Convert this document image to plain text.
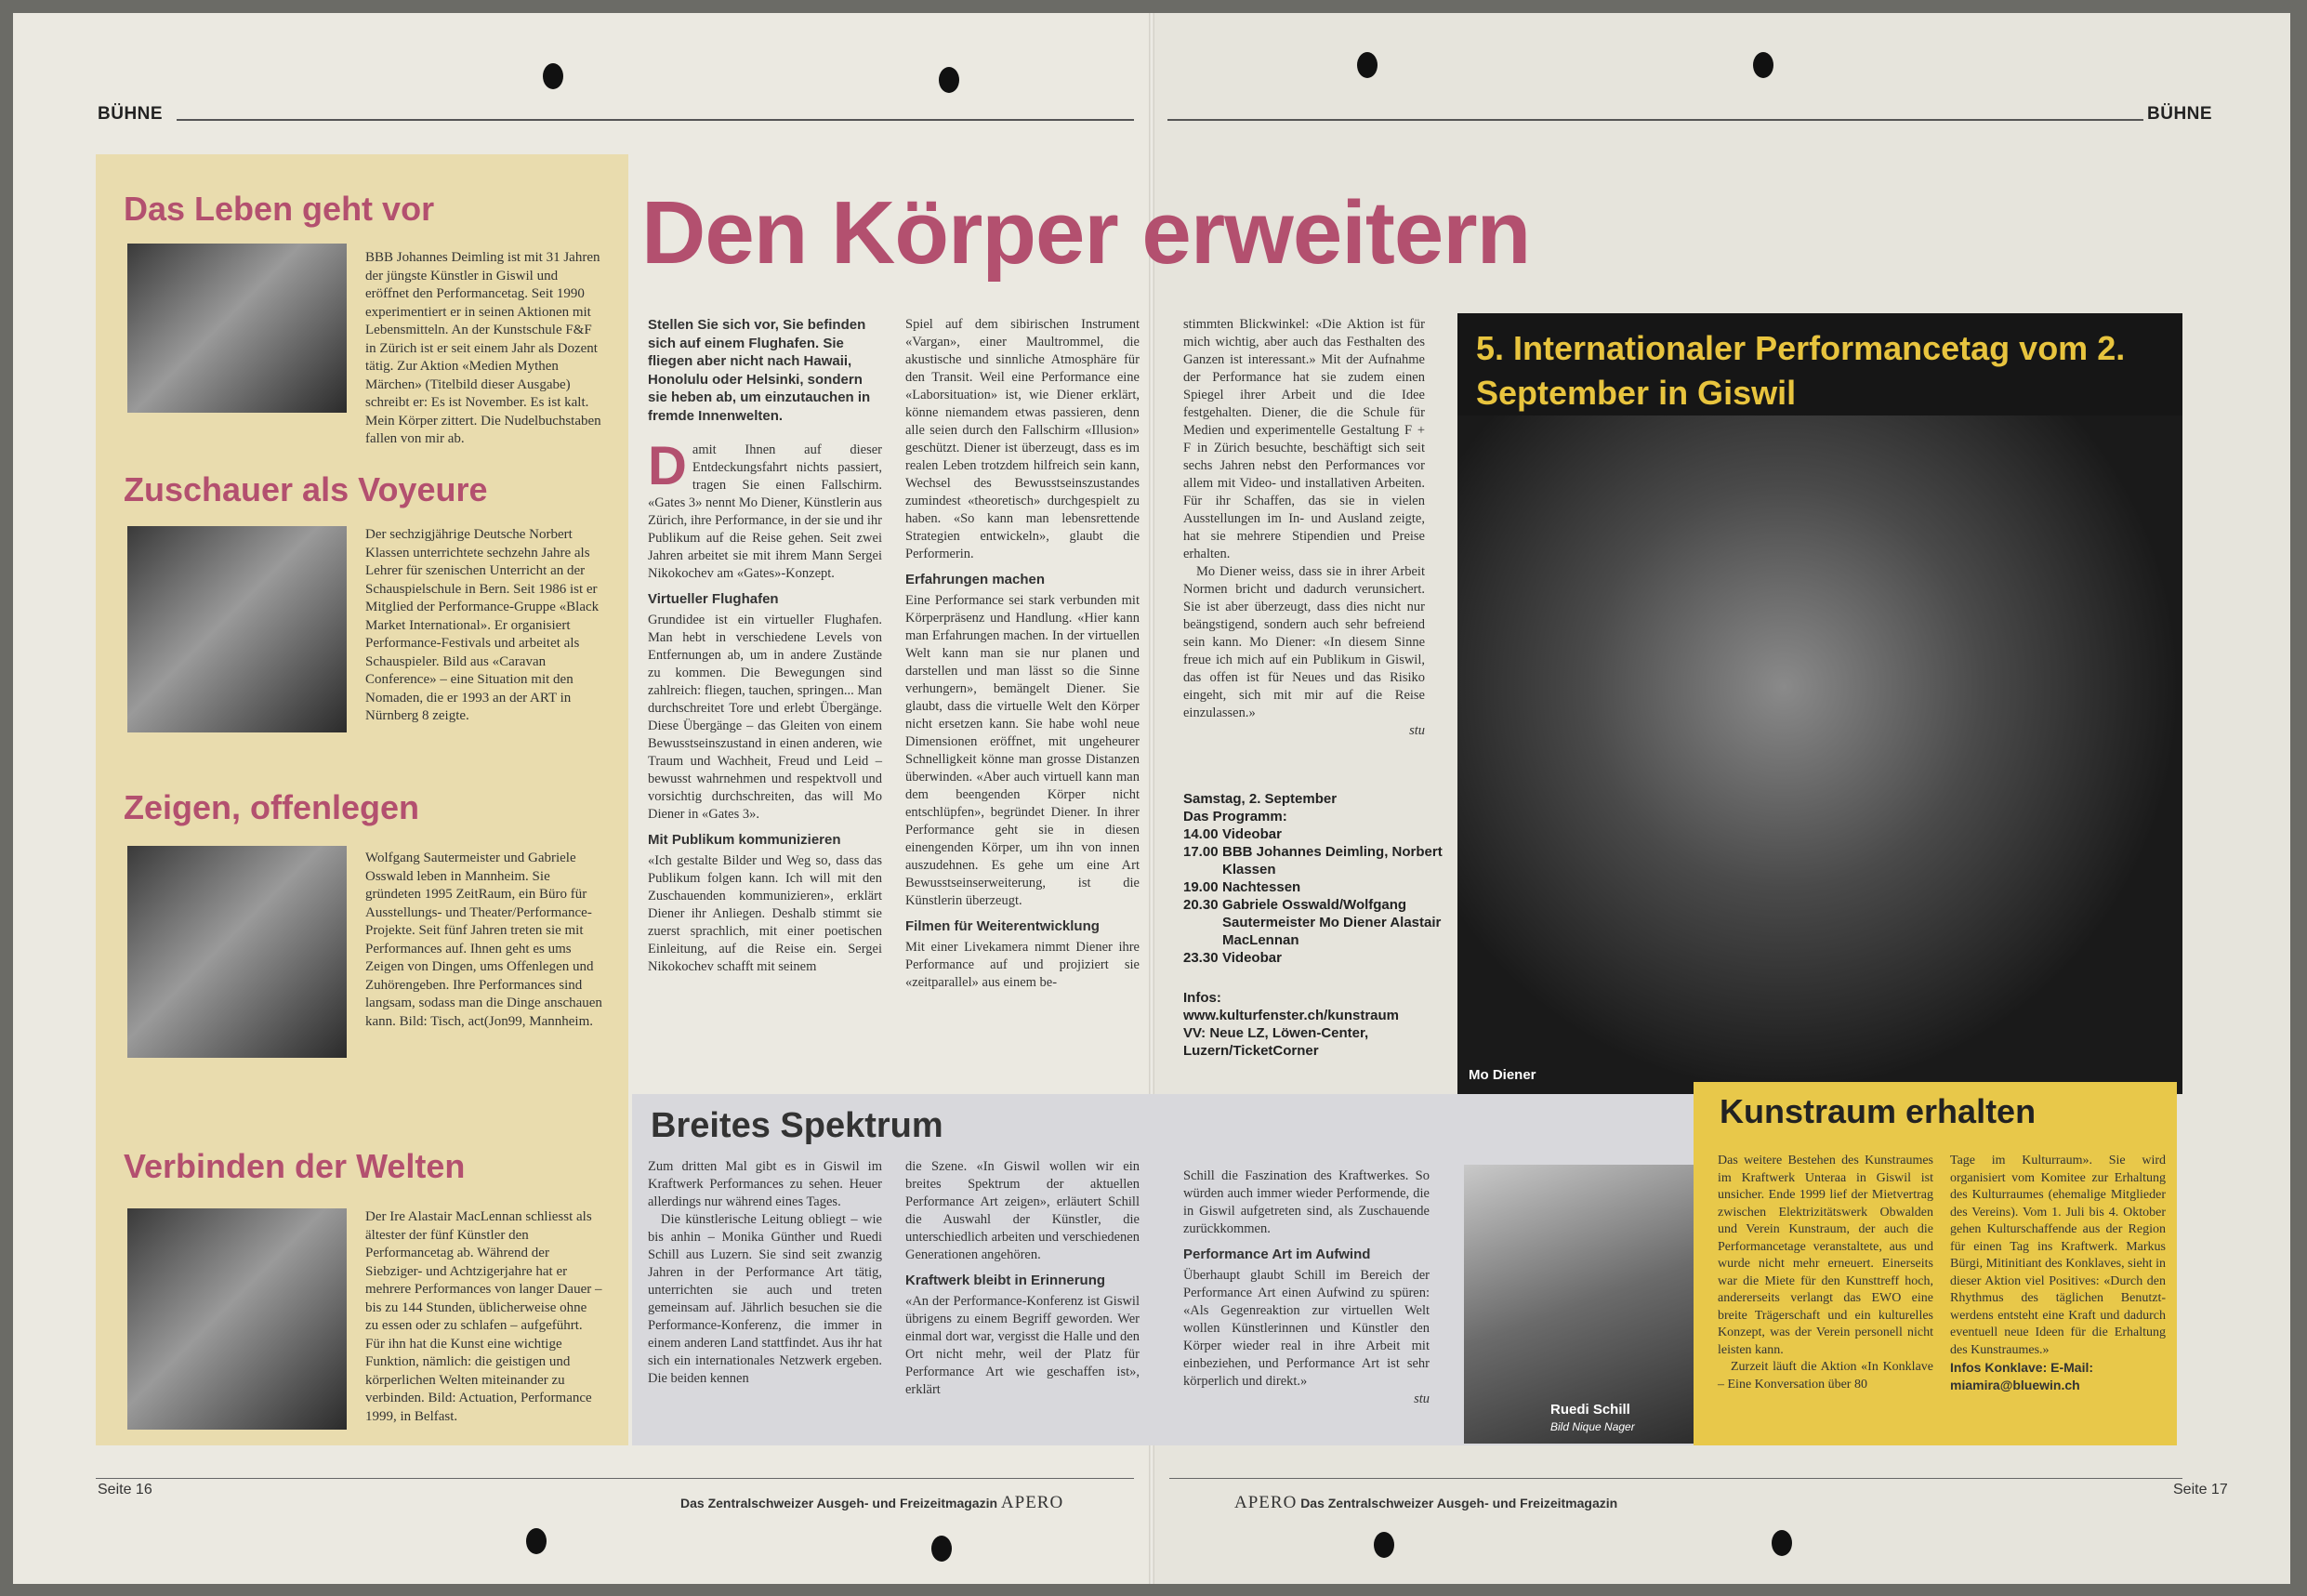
BÜHNE	BÜHNE
Das Leben geht vor
BBB Johannes Deimling ist mit 31 Jahren der jüngste Künstler in Giswil und eröffnet den Performancetag. Seit 1990 experimentiert er in seinen Aktionen mit Lebensmitteln. An der Kunstschule F&F in Zürich ist er seit einem Jahr als Dozent tätig. Zur Aktion «Medien Mythen Märchen» (Titelbild dieser Ausgabe) schreibt er: Es ist November. Es ist kalt. Mein Körper zittert. Die Nudelbuchstaben fallen von mir ab.
Zuschauer als Voyeure
Der sechzigjährige Deutsche Norbert Klassen unterrichtete sechzehn Jahre als Lehrer für szenischen Unterricht an der Schauspielschule in Bern. Seit 1986 ist er Mitglied der Performance-Gruppe «Black Market International». Er organisiert Performance-Festivals und arbeitet als Schauspieler. Bild aus «Caravan Conference» – eine Situation mit den Nomaden, die er 1993 an der ART in Nürnberg 8 zeigte.
Zeigen, offenlegen
Wolfgang Sautermeister und Gabriele Osswald leben in Mannheim. Sie gründeten 1995 ZeitRaum, ein Büro für Ausstellungs- und Theater/Performance-Projekte. Seit fünf Jahren treten sie mit Performances auf. Ihnen geht es ums Zeigen von Dingen, ums Offenlegen und Zuhörengeben. Ihre Performances sind langsam, sodass man die Dinge anschauen kann. Bild: Tisch, act(Jon99, Mannheim.
Verbinden der Welten
Der Ire Alastair MacLennan schliesst als ältester der fünf Künstler den Performancetag ab. Während der Siebziger- und Achtzigerjahre hat er mehrere Performances von langer Dauer – bis zu 144 Stunden, üblicherweise ohne zu essen oder zu schlafen – aufgeführt. Für ihn hat die Kunst eine wichtige Funktion, nämlich: die geistigen und körperlichen Welten miteinander zu verbinden. Bild: Actuation, Performance 1999, in Belfast.
Den Körper erweitern
Stellen Sie sich vor, Sie befinden sich auf einem Flughafen. Sie fliegen aber nicht nach Hawaii, Honolulu oder Helsinki, sondern sie heben ab, um einzutauchen in fremde Innenwelten.
D amit Ihnen auf dieser Entdeckungsfahrt nichts passiert, tragen Sie einen Fallschirm. «Gates 3» nennt Mo Diener, Künstlerin aus Zürich, ihre Performance, in der sie und ihr Publikum auf die Reise gehen. Seit zwei Jahren arbeitet sie mit ihrem Mann Sergei Nikokochev am «Gates»-Konzept.

Virtueller Flughafen

Grundidee ist ein virtueller Flughafen. Man hebt in verschiedene Levels von Entfernungen ab, um in andere Zustände zu kommen. Die Bewegungen sind zahlreich: fliegen, tauchen, springen... Man durchschreitet Tore und erlebt Übergänge. Diese Übergänge – das Gleiten von einem Bewusstseinszustand in einen anderen, wie Traum und Wachheit, Freud und Leid – bewusst wahrnehmen und respektvoll und vorsichtig durchschreiten, das will Mo Diener in «Gates 3».

Mit Publikum kommunizieren

«Ich gestalte Bilder und Weg so, dass das Publikum folgen kann. Ich will mit den Zuschauenden kommunizieren», erklärt Diener ihr Anliegen. Deshalb stimmt sie zuerst sprachlich, mit einer poetischen Einleitung, auf die Reise ein. Sergei Nikokochev schafft mit seinem

Spiel auf dem sibirischen Instrument «Vargan», einer Maultrommel, die akustische und sinnliche Atmosphäre für den Transit. Weil eine Performance eine «Laborsituation» ist, wie Diener erklärt, könne niemandem etwas passieren, denn alle seien durch den Fallschirm «Illusion» geschützt. Diener ist überzeugt, dass es im realen Leben trotzdem hilfreich sein kann, Wechsel des Bewusstseinszustandes zumindest «theoretisch» durchgespielt zu haben. «So kann man lebensrettende Strategien entwickeln», glaubt die Performerin.

Erfahrungen machen

Eine Performance sei stark verbunden mit Körperpräsenz und Handlung. «Hier kann man Erfahrungen machen. In der virtuellen Welt kann man sie nur planen und darstellen und man lässt so die Sinne verhungern», bemängelt Diener. Sie glaubt, dass die virtuelle Welt den Körper nicht ersetzen kann. Sie habe wohl neue Dimensionen eröffnet, mit ungeheurer Schnelligkeit könne man grosse Distanzen überwinden. «Aber auch virtuell kann man dem beengenden Körper nicht entschlüpfen», begründet Diener. In ihrer Performance geht sie in diesen einengenden Körper, um ihn von innen auszudehnen. Es gehe um eine Art Bewusstseinserweiterung, ist die Künstlerin überzeugt.

Filmen für Weiterentwicklung

Mit einer Livekamera nimmt Diener ihre Performance auf und projiziert sie «zeitparallel» aus einem be-

stimmten Blickwinkel: «Die Aktion ist für mich wichtig, aber auch das Festhalten des Ganzen ist interessant.» Mit der Aufnahme der Performance hat sie zudem einen Spiegel ihrer Arbeit und die Idee festgehalten. Diener, die die Schule für Medien und experimentelle Gestaltung F + F in Zürich besuchte, beschäftigt sich seit sechs Jahren nebst den Performances vor allem mit Video- und installativen Arbeiten. Für ihr Schaffen, das sie in vielen Ausstellungen im In- und Ausland zeigte, hat sie mehrere Stipendien und Preise erhalten.

Mo Diener weiss, dass sie in ihrer Arbeit Normen bricht und dadurch verunsichert. Sie ist aber überzeugt, dass dies nicht nur beängstigend, sondern auch sehr befreiend sein kann. Mo Diener: «In diesem Sinne freue ich mich auf ein Publikum in Giswil, das offen ist für Neues und das Risiko eingeht, sich mit mir auf die Reise einzulassen.»

stu

Samstag, 2. September
Das Programm:
14.00 Videobar
17.00 BBB Johannes Deimling, Norbert Klassen
19.00 Nachtessen
20.30 Gabriele Osswald/Wolfgang Sautermeister Mo Diener Alastair MacLennan
23.30 Videobar
Infos:
www.kulturfenster.ch/kunstraum
VV: Neue LZ, Löwen-Center, Luzern/TicketCorner
5. Internationaler Performancetag vom 2. September in Giswil
Mo Diener
Breites Spektrum

Zum dritten Mal gibt es in Giswil im Kraftwerk Performances zu sehen. Heuer allerdings nur während eines Tages.

Die künstlerische Leitung obliegt – wie bis anhin – Monika Günther und Ruedi Schill aus Luzern. Sie sind seit zwanzig Jahren in der Performance Art tätig, unterrichten sie auch und treten gemeinsam auf. Jährlich besuchen sie die Performance-Konferenz, die immer in einem anderen Land stattfindet. Aus ihr hat sich ein internationales Netzwerk ergeben. Die beiden kennen

die Szene. «In Giswil wollen wir ein breites Spektrum der aktuellen Performance Art zeigen», erläutert Schill die Auswahl der Künstler, die unterschiedlich arbeiten und verschiedenen Generationen angehören.

Kraftwerk bleibt in Erinnerung

«An der Performance-Konferenz ist Giswil übrigens zu einem Begriff geworden. Wer einmal dort war, vergisst die Halle und den Ort nicht mehr, weil der Platz für Performance Art wie geschaffen ist», erklärt

Schill die Faszination des Kraftwerkes. So würden auch immer wieder Performende, die in Giswil aufgetreten sind, als Zuschauende zurückkommen.

Performance Art im Aufwind

Überhaupt glaubt Schill im Bereich der Performance Art einen Aufwind zu spüren: «Als Gegenreaktion zur virtuellen Welt wollen Künstlerinnen und Künstler den Körper wieder real in ihre Arbeit mit einbeziehen, und Performance Art ist sehr körperlich und direkt.»

stu

Ruedi Schill
Bild Nique Nager
Kunstraum erhalten

Das weitere Bestehen des Kunstraumes im Kraftwerk Unteraa in Giswil ist unsicher. Ende 1999 lief der Mietvertrag zwischen Elektrizitätswerk Obwalden und Verein Kunstraum, der auch die Performancetage veranstaltete, aus und wurde nicht mehr erneuert. Einerseits war die Miete für den Kunsttreff hoch, andererseits verlangt das EWO eine breite Trägerschaft und ein kulturelles Konzept, was der Verein personell nicht leisten kann.

Zurzeit läuft die Aktion «In Konklave – Eine Konversation über 80

Tage im Kulturraum». Sie wird organisiert vom Komitee zur Erhaltung des Kulturraumes (ehemalige Mitglieder des Vereins). Vom 1. Juli bis 4. Oktober gehen Kulturschaffende aus der Region für einen Tag ins Kraftwerk. Markus Bürgi, Mitinitiant des Konklaves, sieht in dieser Aktion viel Positives: «Durch den Rhythmus des täglichen Benutzt-werdens entsteht eine Kraft und dadurch eventuell neue Ideen für die Erhaltung des Kunstraumes.»

Infos Konklave: E-Mail: miamira@bluewin.ch

Seite 16
Das Zentralschweizer Ausgeh- und Freizeitmagazin APERO	APERO Das Zentralschweizer Ausgeh- und Freizeitmagazin
Seite 17
